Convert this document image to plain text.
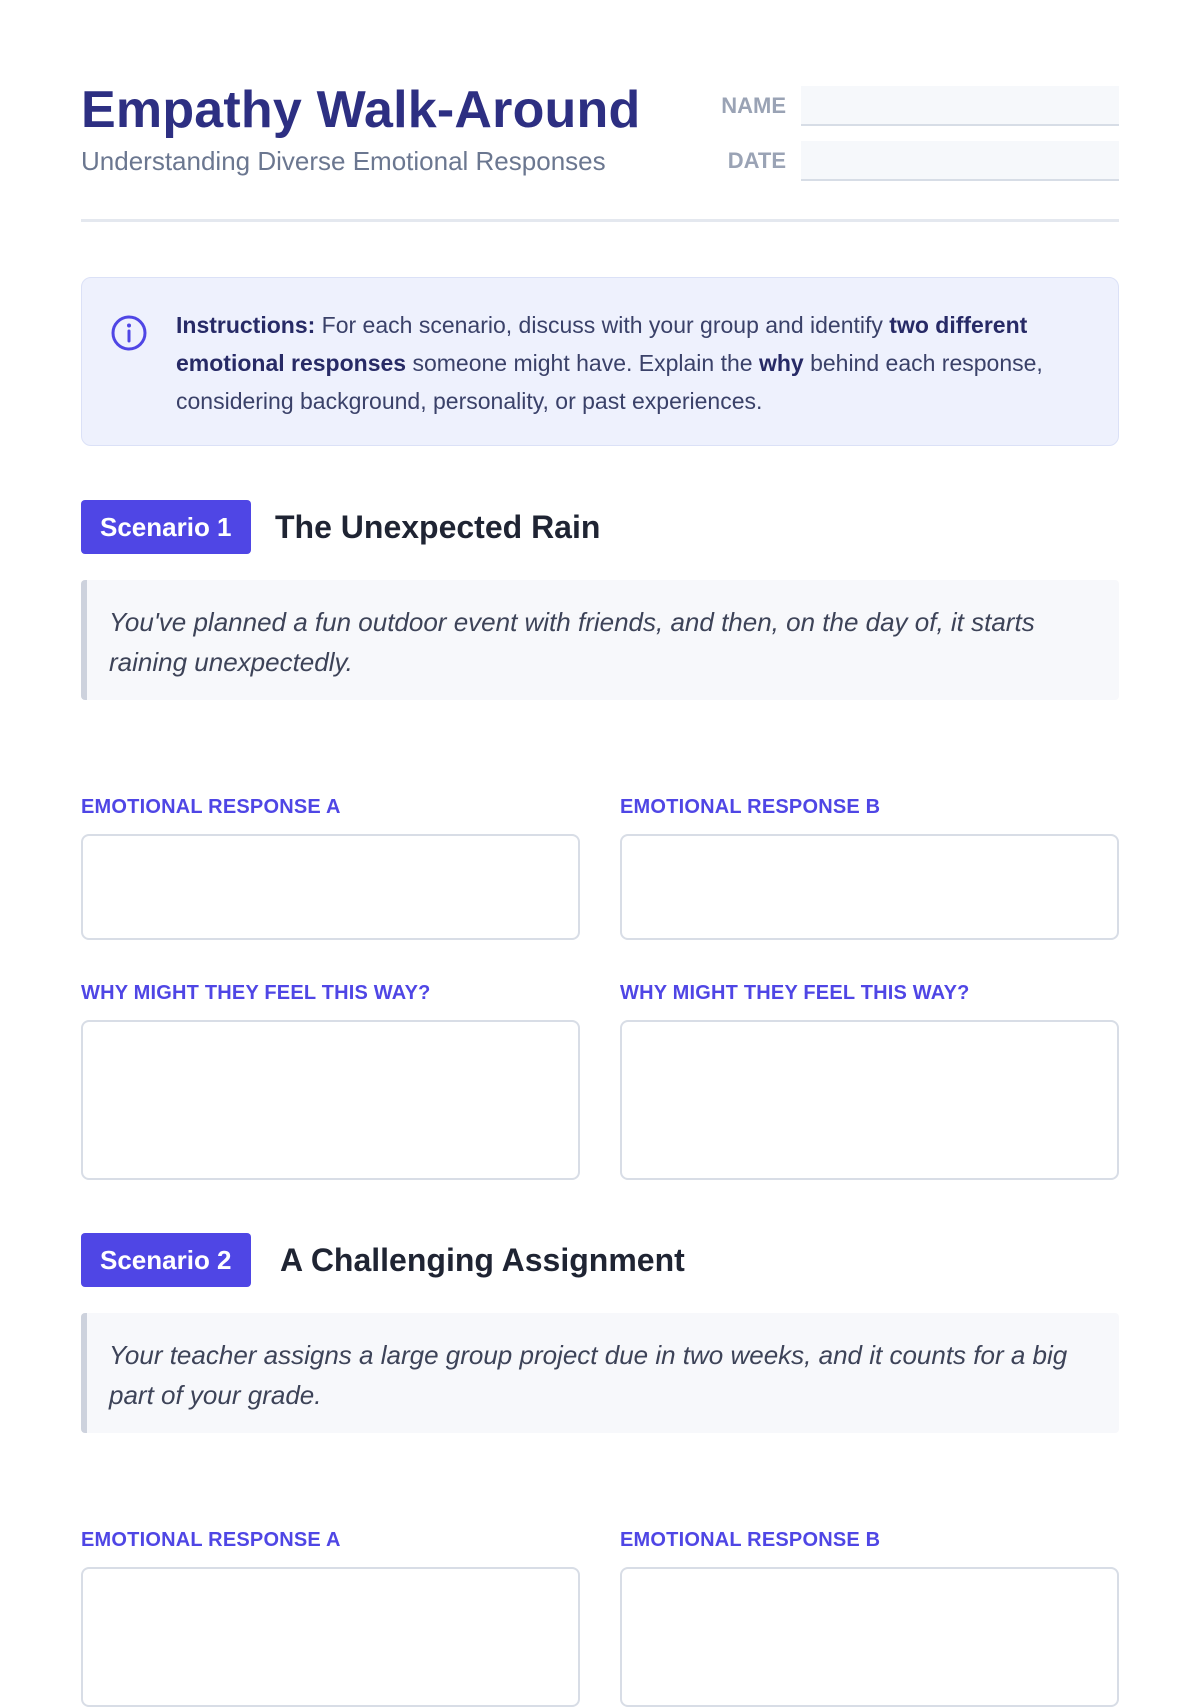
Empathy Walk-Around
Understanding Diverse Emotional Responses
NAME
DATE
Instructions: For each scenario, discuss with your group and identify two different emotional responses someone might have. Explain the why behind each response, considering background, personality, or past experiences.
Scenario 1	The Unexpected Rain
You've planned a fun outdoor event with friends, and then, on the day of, it starts raining unexpectedly.
EMOTIONAL RESPONSE A
WHY MIGHT THEY FEEL THIS WAY?
EMOTIONAL RESPONSE B
WHY MIGHT THEY FEEL THIS WAY?
Scenario 2	A Challenging Assignment
Your teacher assigns a large group project due in two weeks, and it counts for a big part of your grade.
EMOTIONAL RESPONSE A	EMOTIONAL RESPONSE B
